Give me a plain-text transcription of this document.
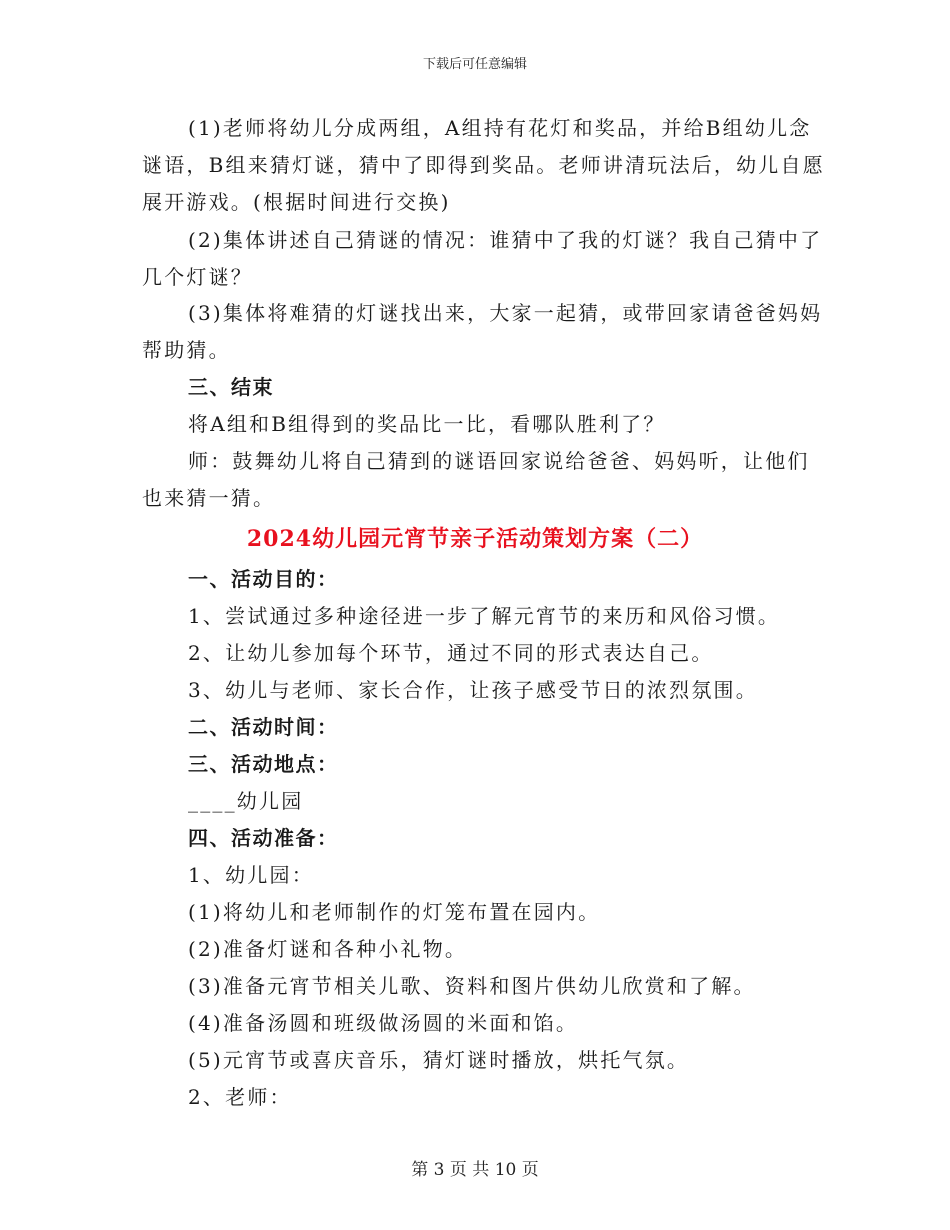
下载后可任意编辑
(1)老师将幼儿分成两组，A组持有花灯和奖品，并给B组幼儿念
谜语，B组来猜灯谜，猜中了即得到奖品。老师讲清玩法后，幼儿自愿
展开游戏。(根据时间进行交换)
(2)集体讲述自己猜谜的情况：谁猜中了我的灯谜？我自己猜中了
几个灯谜？
(3)集体将难猜的灯谜找出来，大家一起猜，或带回家请爸爸妈妈
帮助猜。
三、结束
将A组和B组得到的奖品比一比，看哪队胜利了？
师：鼓舞幼儿将自己猜到的谜语回家说给爸爸、妈妈听，让他们
也来猜一猜。
2024幼儿园元宵节亲子活动策划方案（二）
一、活动目的：
1、尝试通过多种途径进一步了解元宵节的来历和风俗习惯。
2、让幼儿参加每个环节，通过不同的形式表达自己。
3、幼儿与老师、家长合作，让孩子感受节日的浓烈氛围。
二、活动时间：
三、活动地点：
____幼儿园
四、活动准备：
1、幼儿园：
(1)将幼儿和老师制作的灯笼布置在园内。
(2)准备灯谜和各种小礼物。
(3)准备元宵节相关儿歌、资料和图片供幼儿欣赏和了解。
(4)准备汤圆和班级做汤圆的米面和馅。
(5)元宵节或喜庆音乐，猜灯谜时播放，烘托气氛。
2、老师：
第 3 页 共 10 页
